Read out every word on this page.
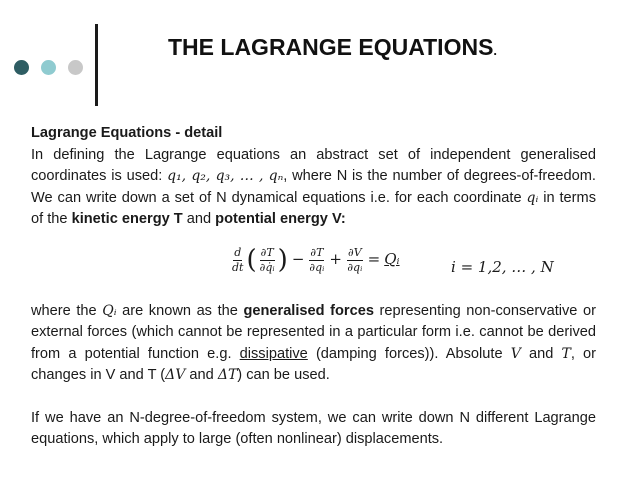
THE LAGRANGE EQUATIONS.
Lagrange Equations - detail
In defining the Lagrange equations an abstract set of independent generalised coordinates is used: q₁, q₂, q₃, … , qₙ, where N is the number of degrees-of-freedom. We can write down a set of N dynamical equations i.e. for each coordinate qᵢ in terms of the kinetic energy T and potential energy V:
$\frac{d}{dt}$ ( $\frac{\partial T}{\text{∂q̇ᵢ}}$ ) − $\frac{\partial T}{\text{∂qᵢ}} + \frac{\partial V}{\text{∂qᵢ}}$ = Qᵢ	i = 1,2, … , N
where the Qᵢ are known as the generalised forces representing non-conservative or external forces (which cannot be represented in a particular form i.e. cannot be derived from a potential function e.g. dissipative (damping forces)). Absolute V and T, or changes in V and T (ΔV and ΔT) can be used.
If we have an N-degree-of-freedom system, we can write down N different Lagrange equations, which apply to large (often nonlinear) displacements.
